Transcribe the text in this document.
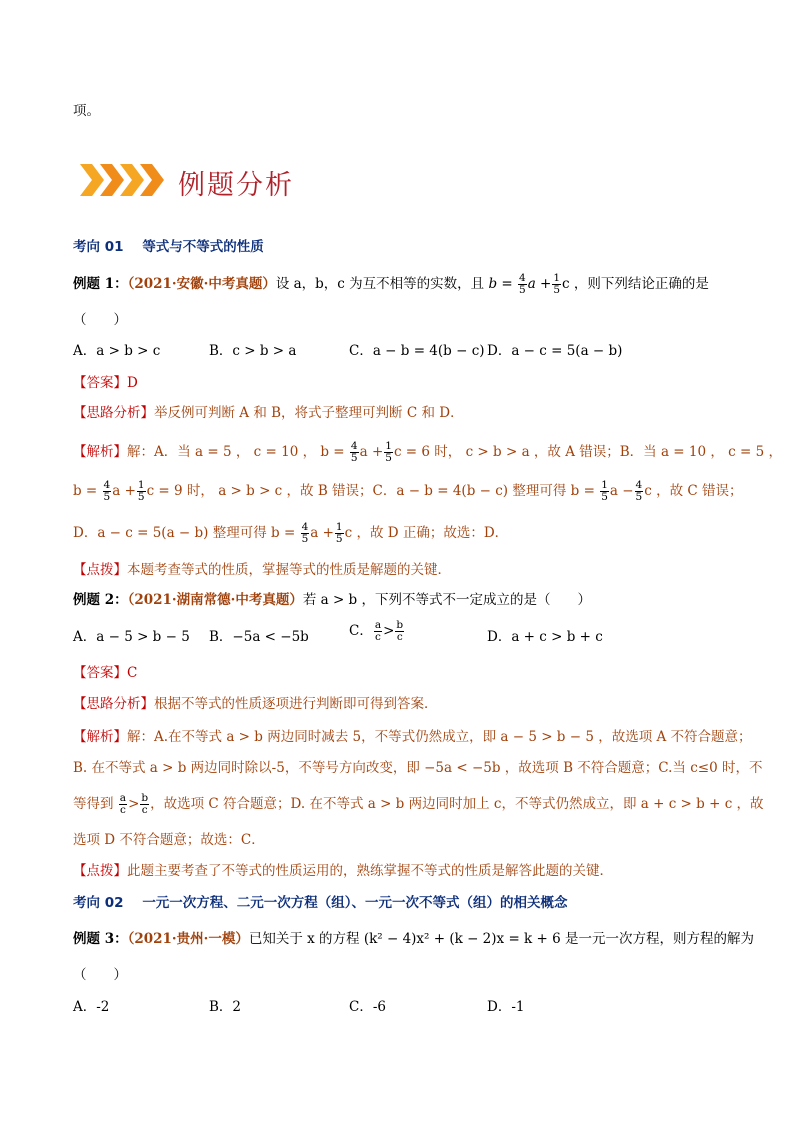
项。
例题分析
考向 01 等式与不等式的性质
例题 1：（2021·安徽·中考真题）设 a，b，c 为互不相等的实数，且 $b = \frac{4}{5}$ $a + \frac{1}{5}$ c ，则下列结论正确的是
（　　）
A．a > b > c	B．c > b > a	C．a − b = 4(b − c) D．a − c = 5(a − b)
【答案】D
【思路分析】举反例可判断 A 和 B，将式子整理可判断 C 和 D．
【解析】解：A．当 a = 5 ， c = 10 ， $b = \frac{4}{5}$ $a + \frac{1}{5}$ c = 6 时， c > b > a ，故 A 错误；B．当 a = 10 ， c = 5 ，
$b = \frac{4}{5}$ $a + \frac{1}{5}$ c = 9 时， a > b > c ，故 B 错误；C．a − b = 4(b − c) 整理可得 $b = \frac{1}{5}$ $a - \frac{4}{5}$ c ，故 C 错误；
D．a − c = 5(a − b) 整理可得 $b = \frac{4}{5}$ $a + \frac{1}{5}$ c ，故 D 正确；故选：D．
【点拨】本题考查等式的性质，掌握等式的性质是解题的关键．
例题 2：（2021·湖南常德·中考真题）若 a > b ，下列不等式不一定成立的是（　　）
A．a − 5 > b − 5 B．−5a < −5b	C． $\frac{a}{c} > \frac{b}{c}$	D．a + c > b + c
【答案】C
【思路分析】根据不等式的性质逐项进行判断即可得到答案．
【解析】解：A.在不等式 a > b 两边同时减去 5，不等式仍然成立，即 a − 5 > b − 5 ，故选项 A 不符合题意；
B. 在不等式 a > b 两边同时除以-5，不等号方向改变，即 −5a < −5b ，故选项 B 不符合题意；C.当 c≤0 时，不
等得到 $\frac{a}{c} > \frac{b}{c}$ ，故选项 C 符合题意；D. 在不等式 a > b 两边同时加上 c，不等式仍然成立，即 a + c > b + c ，故
选项 D 不符合题意；故选：C．
【点拨】此题主要考查了不等式的性质运用的，熟练掌握不等式的性质是解答此题的关键．
考向 02 一元一次方程、二元一次方程（组）、一元一次不等式（组）的相关概念
例题 3：（2021·贵州·一模）已知关于 x 的方程 (k² − 4)x² + (k − 2)x = k + 6 是一元一次方程，则方程的解为
（　　）
A．-2	B．2	C．-6	D．-1
